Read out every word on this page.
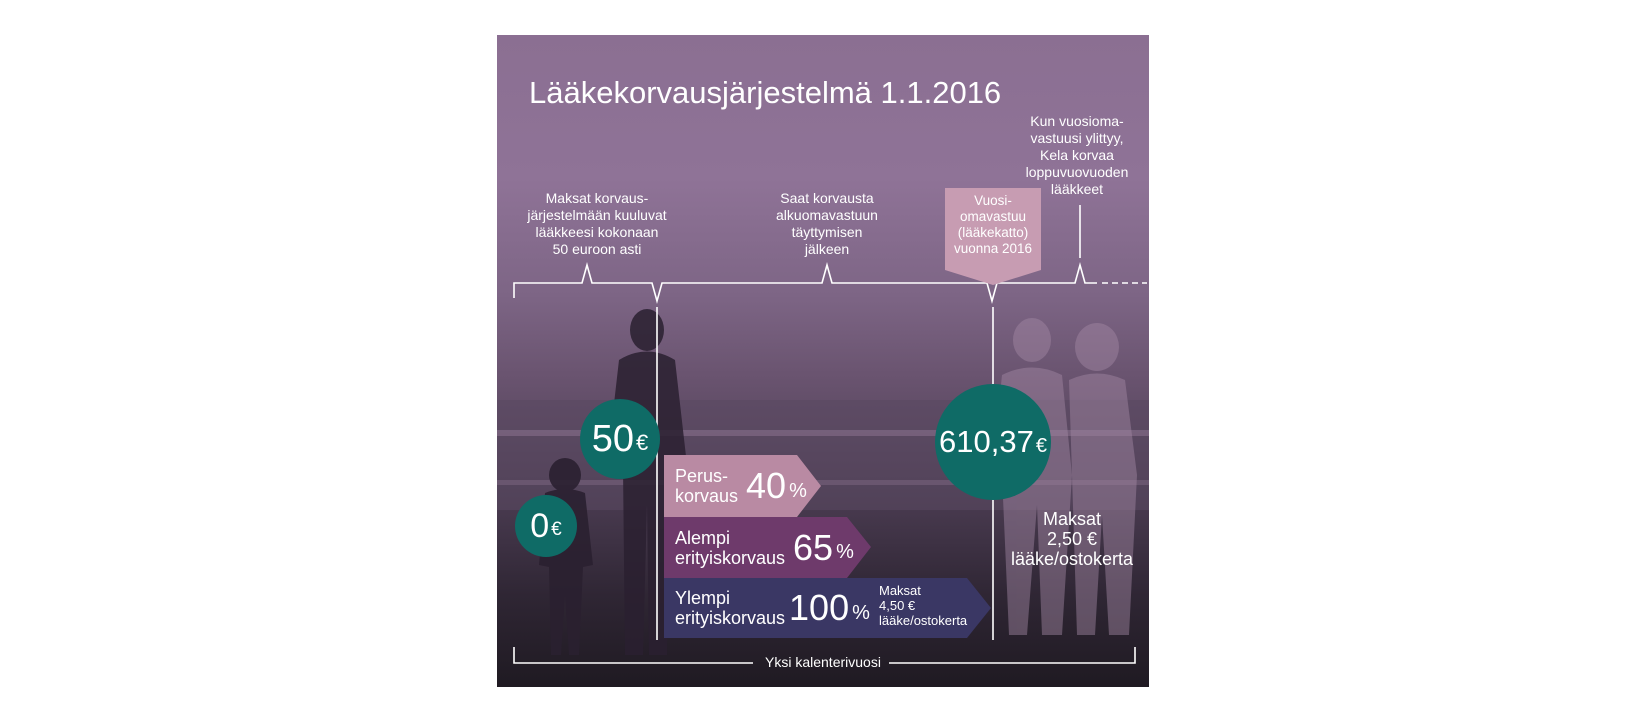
Lääkekorvausjärjestelmä 1.1.2016
Maksat korvaus-
järjestelmään kuuluvat
lääkkeesi kokonaan
50 euroon asti
Saat korvausta
alkuomavastuun
täyttymisen
jälkeen
Vuosi-
omavastuu
(lääkekatto)
vuonna 2016
Kun vuosioma-
vastuusi ylittyy,
Kela korvaa
loppuvuovuoden
lääkkeet
0 €
50 €	610,37 €
Perus-
korvaus 40 %
Alempi
erityiskorvaus 65 %
Ylempi
erityiskorvaus 100 %
Maksat
4,50 €
lääke/ostokerta
Maksat
2,50 €
lääke/ostokerta
Yksi kalenterivuosi
